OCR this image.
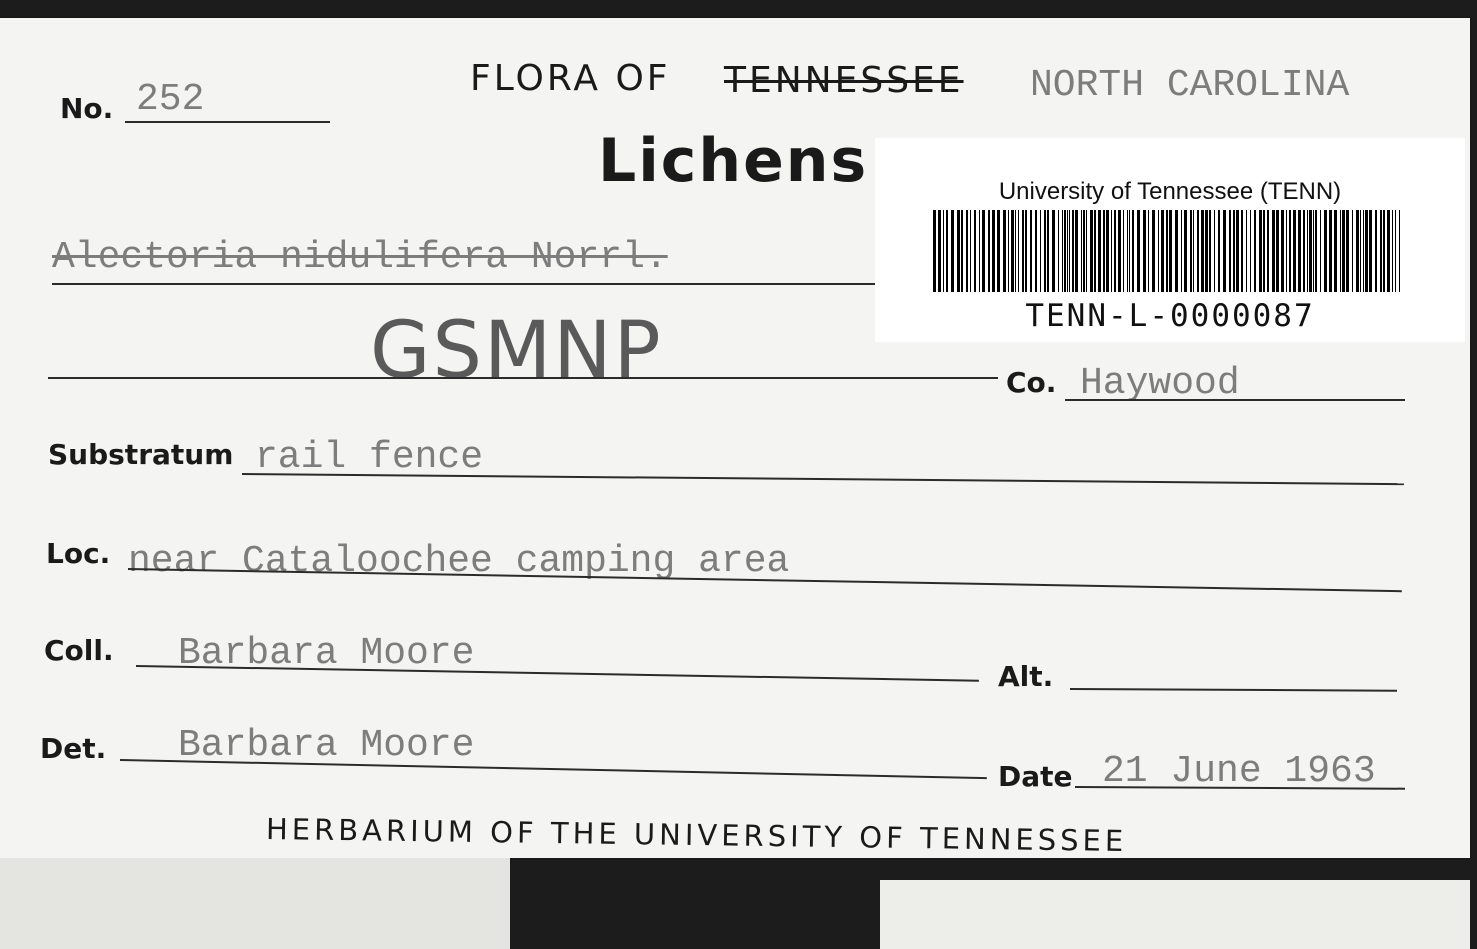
FLORA OF TENNESSEE NORTH CAROLINA
Lichens
No. 252
Alectoria nidulifera Norrl.
GSMNP	Co. Haywood
Substratum rail fence
Loc. near Cataloochee camping area
Coll. Barbara Moore
Alt.
Det. Barbara Moore
Date 21 June 1963
HERBARIUM OF THE UNIVERSITY OF TENNESSEE
University of Tennessee (TENN)
TENN-L-0000087
